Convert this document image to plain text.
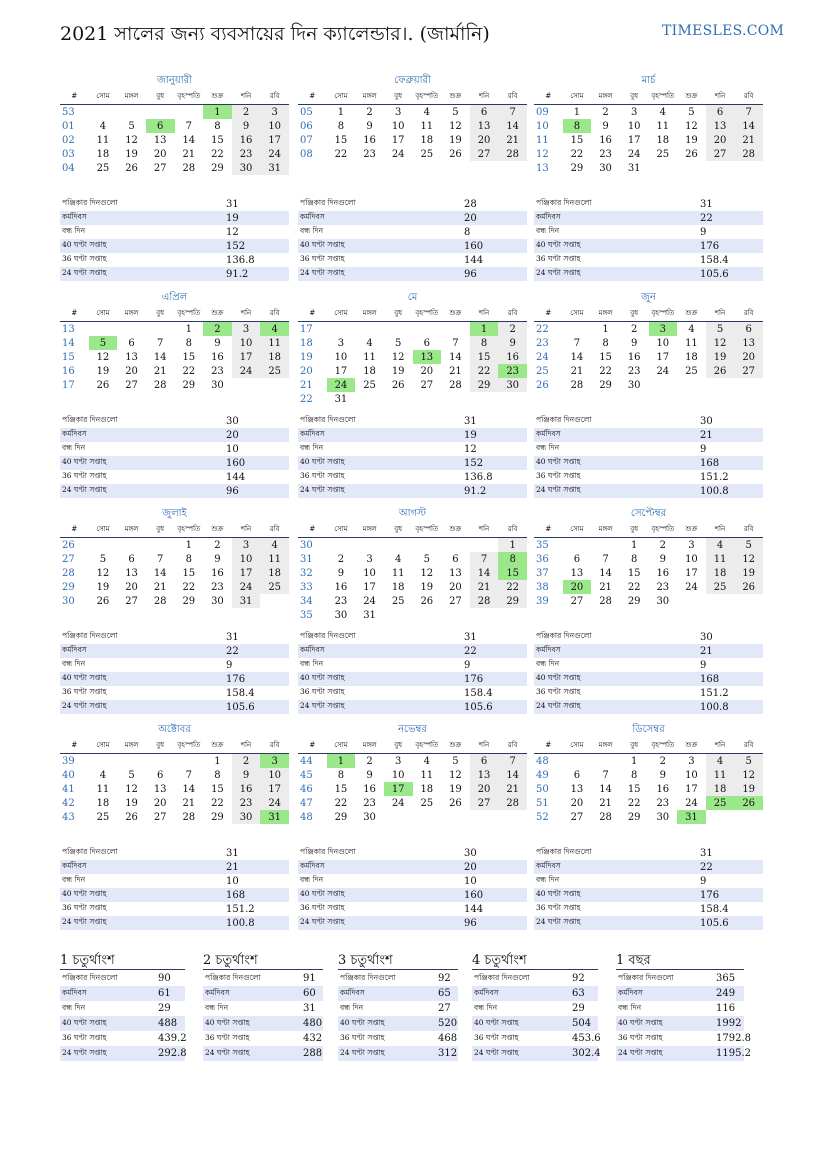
2021 সালের জন্য ব্যবসায়ের দিন ক্যালেন্ডার।. (জার্মানি)	TIMESLES.COM
জানুয়ারী
#	সোম	মঙ্গল	বুধ	বৃহস্পতি	শুক্র	শনি	রবি
53					1	2	3
01	4	5	6	7	8	9	10
02	11	12	13	14	15	16	17
03	18	19	20	21	22	23	24
04	25	26	27	28	29	30	31
পঞ্জিকার দিনগুলো	31
কর্মদিবস	19
বন্ধ দিন	12
40 ঘণ্টা সপ্তাহ	152
36 ঘণ্টা সপ্তাহ	136.8
24 ঘণ্টা সপ্তাহ	91.2
ফেব্রুয়ারী
#	সোম	মঙ্গল	বুধ	বৃহস্পতি	শুক্র	শনি	রবি
05	1	2	3	4	5	6	7
06	8	9	10	11	12	13	14
07	15	16	17	18	19	20	21
08	22	23	24	25	26	27	28
পঞ্জিকার দিনগুলো	28
কর্মদিবস	20
বন্ধ দিন	8
40 ঘণ্টা সপ্তাহ	160
36 ঘণ্টা সপ্তাহ	144
24 ঘণ্টা সপ্তাহ	96
মার্চ
#	সোম	মঙ্গল	বুধ	বৃহস্পতি	শুক্র	শনি	রবি
09	1	2	3	4	5	6	7
10	8	9	10	11	12	13	14
11	15	16	17	18	19	20	21
12	22	23	24	25	26	27	28
13	29	30	31				
পঞ্জিকার দিনগুলো	31
কর্মদিবস	22
বন্ধ দিন	9
40 ঘণ্টা সপ্তাহ	176
36 ঘণ্টা সপ্তাহ	158.4
24 ঘণ্টা সপ্তাহ	105.6
এপ্রিল
#	সোম	মঙ্গল	বুধ	বৃহস্পতি	শুক্র	শনি	রবি
13				1	2	3	4
14	5	6	7	8	9	10	11
15	12	13	14	15	16	17	18
16	19	20	21	22	23	24	25
17	26	27	28	29	30		
পঞ্জিকার দিনগুলো	30
কর্মদিবস	20
বন্ধ দিন	10
40 ঘণ্টা সপ্তাহ	160
36 ঘণ্টা সপ্তাহ	144
24 ঘণ্টা সপ্তাহ	96
মে
#	সোম	মঙ্গল	বুধ	বৃহস্পতি	শুক্র	শনি	রবি
17						1	2
18	3	4	5	6	7	8	9
19	10	11	12	13	14	15	16
20	17	18	19	20	21	22	23
21	24	25	26	27	28	29	30
22	31						
পঞ্জিকার দিনগুলো	31
কর্মদিবস	19
বন্ধ দিন	12
40 ঘণ্টা সপ্তাহ	152
36 ঘণ্টা সপ্তাহ	136.8
24 ঘণ্টা সপ্তাহ	91.2
জুন
#	সোম	মঙ্গল	বুধ	বৃহস্পতি	শুক্র	শনি	রবি
22		1	2	3	4	5	6
23	7	8	9	10	11	12	13
24	14	15	16	17	18	19	20
25	21	22	23	24	25	26	27
26	28	29	30				
পঞ্জিকার দিনগুলো	30
কর্মদিবস	21
বন্ধ দিন	9
40 ঘণ্টা সপ্তাহ	168
36 ঘণ্টা সপ্তাহ	151.2
24 ঘণ্টা সপ্তাহ	100.8
জুলাই
#	সোম	মঙ্গল	বুধ	বৃহস্পতি	শুক্র	শনি	রবি
26				1	2	3	4
27	5	6	7	8	9	10	11
28	12	13	14	15	16	17	18
29	19	20	21	22	23	24	25
30	26	27	28	29	30	31	
পঞ্জিকার দিনগুলো	31
কর্মদিবস	22
বন্ধ দিন	9
40 ঘণ্টা সপ্তাহ	176
36 ঘণ্টা সপ্তাহ	158.4
24 ঘণ্টা সপ্তাহ	105.6
আগস্ট
#	সোম	মঙ্গল	বুধ	বৃহস্পতি	শুক্র	শনি	রবি
30							1
31	2	3	4	5	6	7	8
32	9	10	11	12	13	14	15
33	16	17	18	19	20	21	22
34	23	24	25	26	27	28	29
35	30	31					
পঞ্জিকার দিনগুলো	31
কর্মদিবস	22
বন্ধ দিন	9
40 ঘণ্টা সপ্তাহ	176
36 ঘণ্টা সপ্তাহ	158.4
24 ঘণ্টা সপ্তাহ	105.6
সেপ্টেম্বর
#	সোম	মঙ্গল	বুধ	বৃহস্পতি	শুক্র	শনি	রবি
35			1	2	3	4	5
36	6	7	8	9	10	11	12
37	13	14	15	16	17	18	19
38	20	21	22	23	24	25	26
39	27	28	29	30			
পঞ্জিকার দিনগুলো	30
কর্মদিবস	21
বন্ধ দিন	9
40 ঘণ্টা সপ্তাহ	168
36 ঘণ্টা সপ্তাহ	151.2
24 ঘণ্টা সপ্তাহ	100.8
অক্টোবর
#	সোম	মঙ্গল	বুধ	বৃহস্পতি	শুক্র	শনি	রবি
39					1	2	3
40	4	5	6	7	8	9	10
41	11	12	13	14	15	16	17
42	18	19	20	21	22	23	24
43	25	26	27	28	29	30	31
পঞ্জিকার দিনগুলো	31
কর্মদিবস	21
বন্ধ দিন	10
40 ঘণ্টা সপ্তাহ	168
36 ঘণ্টা সপ্তাহ	151.2
24 ঘণ্টা সপ্তাহ	100.8
নভেম্বর
#	সোম	মঙ্গল	বুধ	বৃহস্পতি	শুক্র	শনি	রবি
44	1	2	3	4	5	6	7
45	8	9	10	11	12	13	14
46	15	16	17	18	19	20	21
47	22	23	24	25	26	27	28
48	29	30					
পঞ্জিকার দিনগুলো	30
কর্মদিবস	20
বন্ধ দিন	10
40 ঘণ্টা সপ্তাহ	160
36 ঘণ্টা সপ্তাহ	144
24 ঘণ্টা সপ্তাহ	96
ডিসেম্বর
#	সোম	মঙ্গল	বুধ	বৃহস্পতি	শুক্র	শনি	রবি
48			1	2	3	4	5
49	6	7	8	9	10	11	12
50	13	14	15	16	17	18	19
51	20	21	22	23	24	25	26
52	27	28	29	30	31		
পঞ্জিকার দিনগুলো	31
কর্মদিবস	22
বন্ধ দিন	9
40 ঘণ্টা সপ্তাহ	176
36 ঘণ্টা সপ্তাহ	158.4
24 ঘণ্টা সপ্তাহ	105.6
1 চতুর্থাংশ
পঞ্জিকার দিনগুলো	90
কর্মদিবস	61
বন্ধ দিন	29
40 ঘণ্টা সপ্তাহ	488
36 ঘণ্টা সপ্তাহ	439.2
24 ঘণ্টা সপ্তাহ	292.8
2 চতুর্থাংশ
পঞ্জিকার দিনগুলো	91
কর্মদিবস	60
বন্ধ দিন	31
40 ঘণ্টা সপ্তাহ	480
36 ঘণ্টা সপ্তাহ	432
24 ঘণ্টা সপ্তাহ	288
3 চতুর্থাংশ
পঞ্জিকার দিনগুলো	92
কর্মদিবস	65
বন্ধ দিন	27
40 ঘণ্টা সপ্তাহ	520
36 ঘণ্টা সপ্তাহ	468
24 ঘণ্টা সপ্তাহ	312
4 চতুর্থাংশ
পঞ্জিকার দিনগুলো	92
কর্মদিবস	63
বন্ধ দিন	29
40 ঘণ্টা সপ্তাহ	504
36 ঘণ্টা সপ্তাহ	453.6
24 ঘণ্টা সপ্তাহ	302.4
1 বছর
পঞ্জিকার দিনগুলো	365
কর্মদিবস	249
বন্ধ দিন	116
40 ঘণ্টা সপ্তাহ	1992
36 ঘণ্টা সপ্তাহ	1792.8
24 ঘণ্টা সপ্তাহ	1195.2
